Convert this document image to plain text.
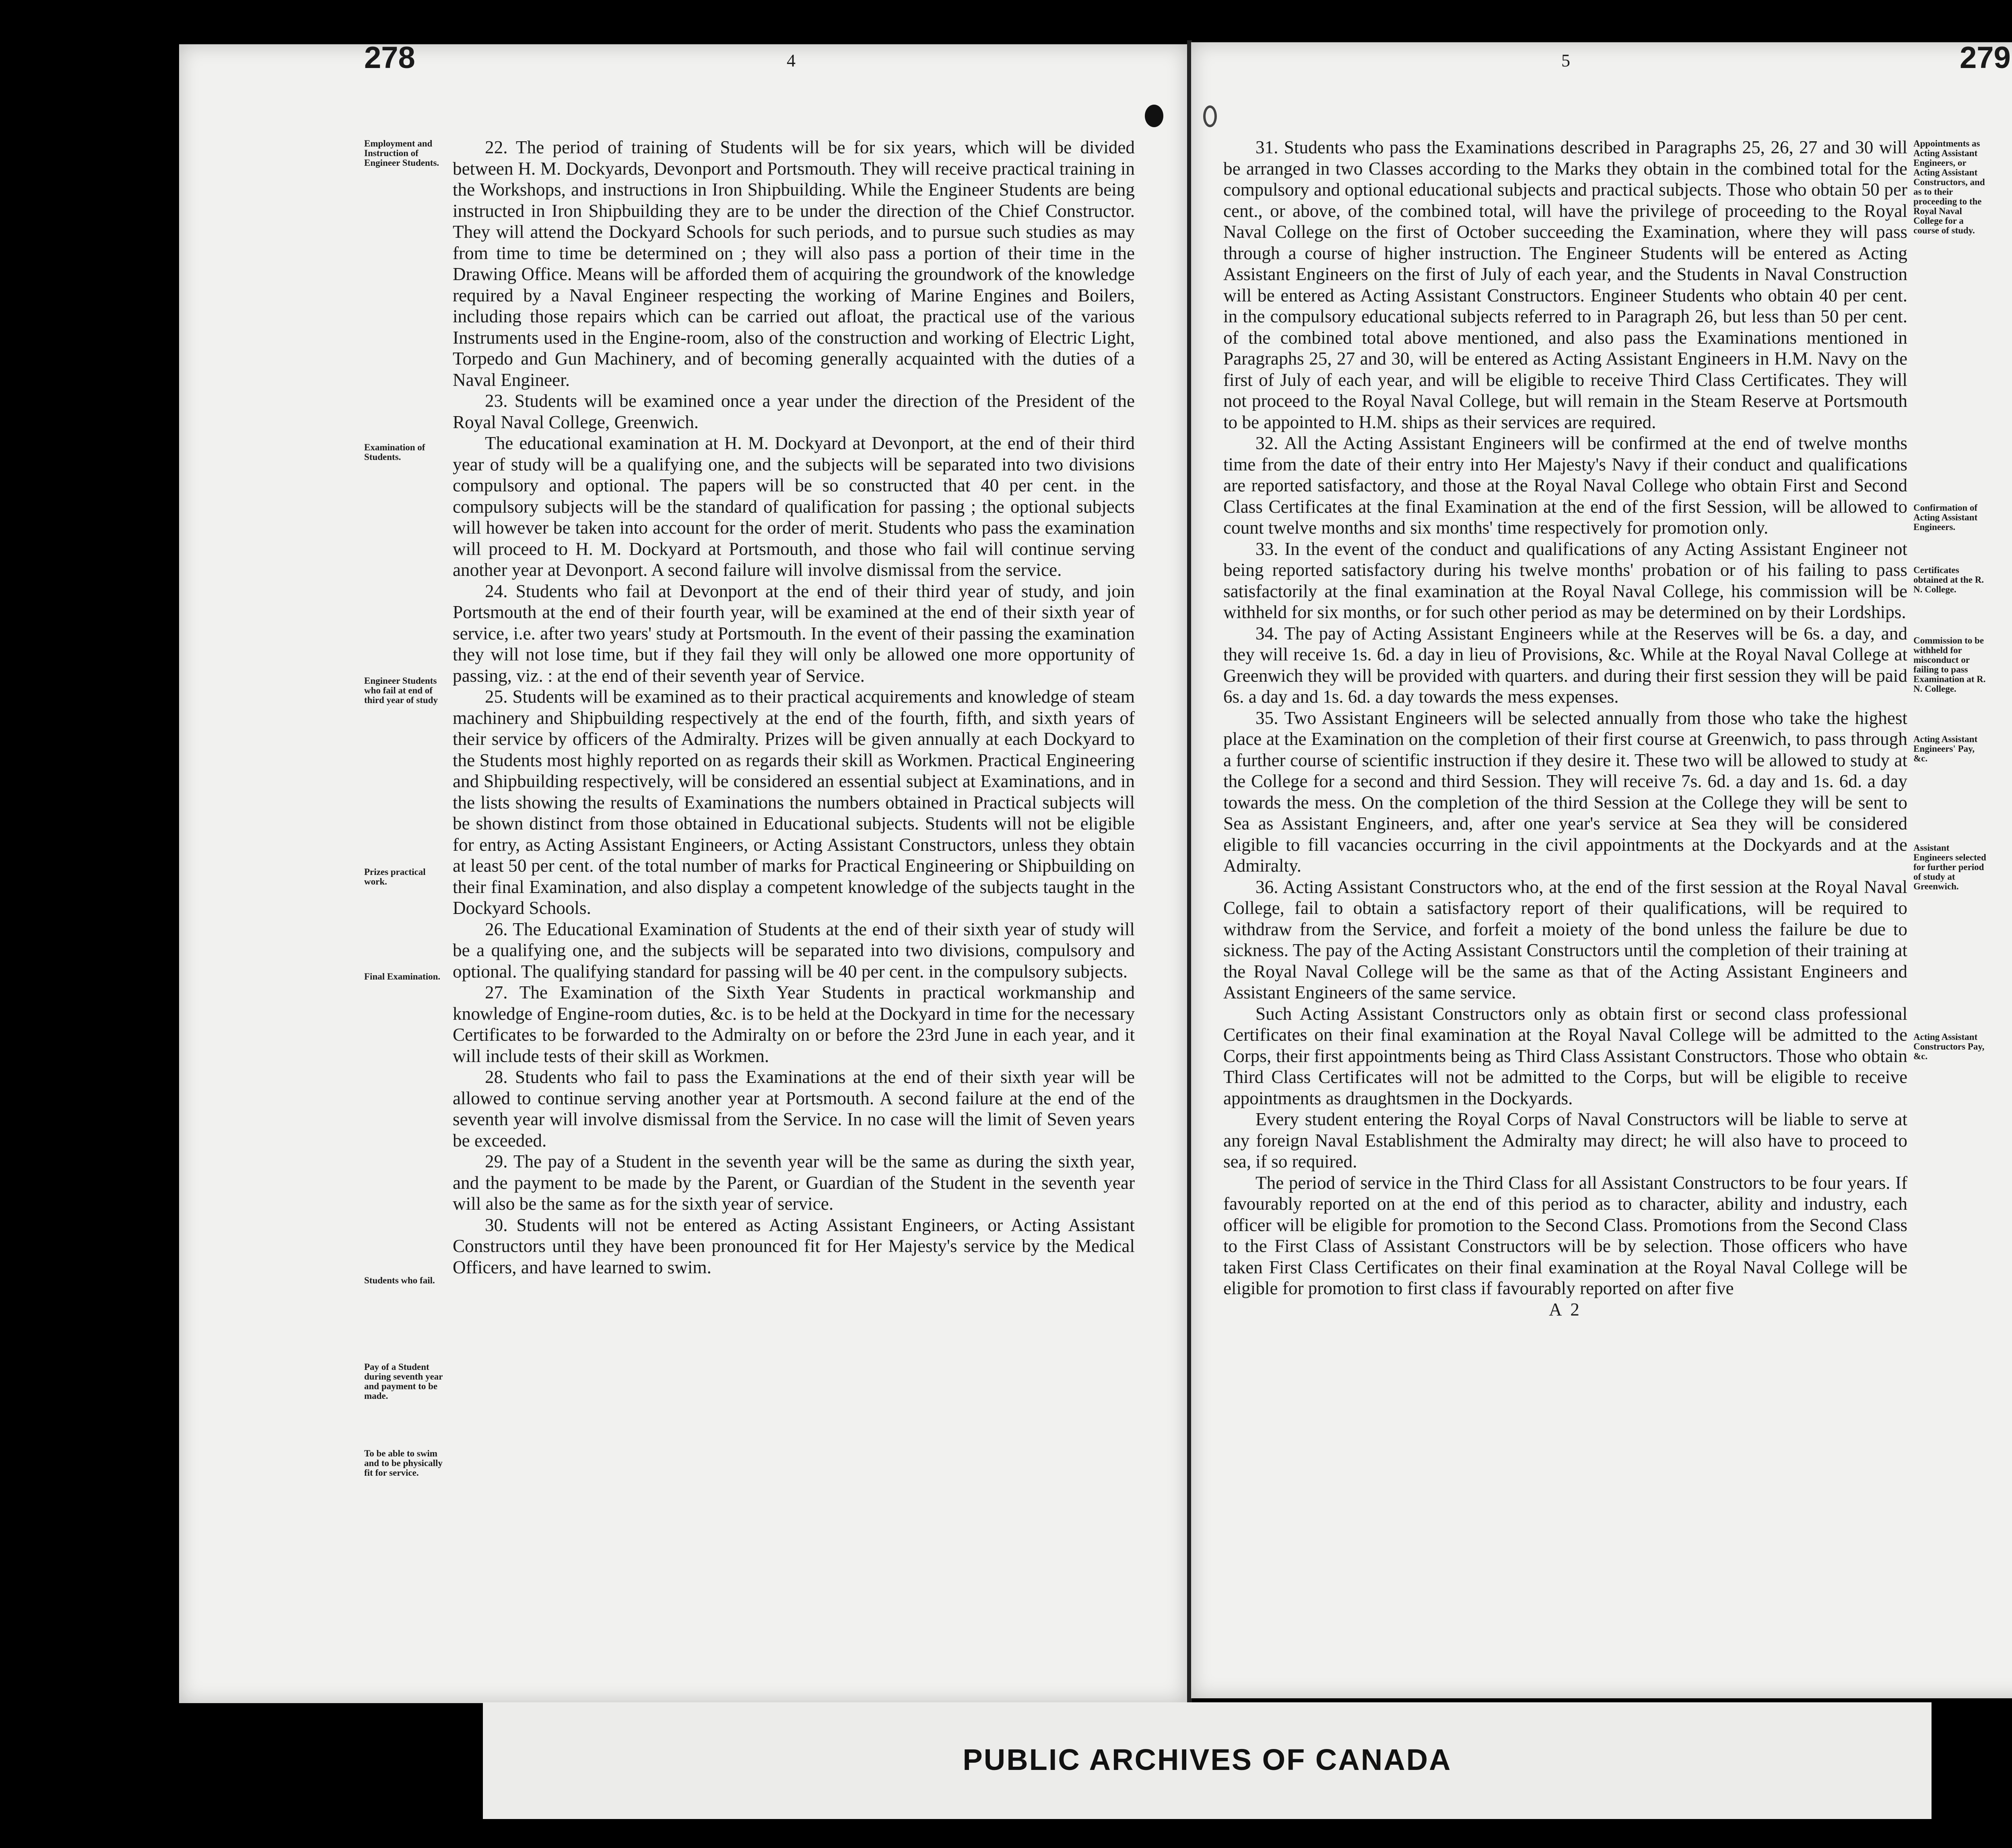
278	4	279
5
Employment and Instruction of Engineer Students.
Examination of Students.
Engineer Students who fail at end of third year of study
Prizes practical work.
Final Examination.
Students who fail.
Pay of a Student during seventh year and payment to be made.
To be able to swim and to be physically fit for service.

22. The period of training of Students will be for six years, which will be divided between H. M. Dockyards, Devonport and Portsmouth. They will receive practical training in the Workshops, and instructions in Iron Shipbuilding. While the Engineer Students are being instructed in Iron Shipbuilding they are to be under the direction of the Chief Constructor. They will attend the Dockyard Schools for such periods, and to pursue such studies as may from time to time be determined on ; they will also pass a portion of their time in the Drawing Office. Means will be afforded them of acquiring the groundwork of the knowledge required by a Naval Engineer respecting the working of Marine Engines and Boilers, including those repairs which can be carried out afloat, the practical use of the various Instruments used in the Engine-room, also of the construction and working of Electric Light, Torpedo and Gun Machinery, and of becoming generally acquainted with the duties of a Naval Engineer.

23. Students will be examined once a year under the direction of the President of the Royal Naval College, Greenwich.

The educational examination at H. M. Dockyard at Devonport, at the end of their third year of study will be a qualifying one, and the subjects will be separated into two divisions compulsory and optional. The papers will be so constructed that 40 per cent. in the compulsory subjects will be the standard of qualification for passing ; the optional subjects will however be taken into account for the order of merit. Students who pass the examination will proceed to H. M. Dockyard at Portsmouth, and those who fail will continue serving another year at Devonport. A second failure will involve dismissal from the service.

24. Students who fail at Devonport at the end of their third year of study, and join Portsmouth at the end of their fourth year, will be examined at the end of their sixth year of service, i.e. after two years' study at Portsmouth. In the event of their passing the examination they will not lose time, but if they fail they will only be allowed one more opportunity of passing, viz. : at the end of their seventh year of Service.

25. Students will be examined as to their practical acquirements and knowledge of steam machinery and Shipbuilding respectively at the end of the fourth, fifth, and sixth years of their service by officers of the Admiralty. Prizes will be given annually at each Dockyard to the Students most highly reported on as regards their skill as Workmen. Practical Engineering and Shipbuilding respectively, will be considered an essential subject at Examinations, and in the lists showing the results of Examinations the numbers obtained in Practical subjects will be shown distinct from those obtained in Educational subjects. Students will not be eligible for entry, as Acting Assistant Engineers, or Acting Assistant Constructors, unless they obtain at least 50 per cent. of the total number of marks for Practical Engineering or Shipbuilding on their final Examination, and also display a competent knowledge of the subjects taught in the Dockyard Schools.

26. The Educational Examination of Students at the end of their sixth year of study will be a qualifying one, and the subjects will be separated into two divisions, compulsory and optional. The qualifying standard for passing will be 40 per cent. in the compulsory subjects.

27. The Examination of the Sixth Year Students in practical workmanship and knowledge of Engine-room duties, &c. is to be held at the Dockyard in time for the necessary Certificates to be forwarded to the Admiralty on or before the 23rd June in each year, and it will include tests of their skill as Workmen.

28. Students who fail to pass the Examinations at the end of their sixth year will be allowed to continue serving another year at Portsmouth. A second failure at the end of the seventh year will involve dismissal from the Service. In no case will the limit of Seven years be exceeded.

29. The pay of a Student in the seventh year will be the same as during the sixth year, and the payment to be made by the Parent, or Guardian of the Student in the seventh year will also be the same as for the sixth year of service.

30. Students will not be entered as Acting Assistant Engineers, or Acting Assistant Constructors until they have been pronounced fit for Her Majesty's service by the Medical Officers, and have learned to swim.

31. Students who pass the Examinations described in Paragraphs 25, 26, 27 and 30 will be arranged in two Classes according to the Marks they obtain in the combined total for the compulsory and optional educational subjects and practical subjects. Those who obtain 50 per cent., or above, of the combined total, will have the privilege of proceeding to the Royal Naval College on the first of October succeeding the Examination, where they will pass through a course of higher instruction. The Engineer Students will be entered as Acting Assistant Engineers on the first of July of each year, and the Students in Naval Construction will be entered as Acting Assistant Constructors. Engineer Students who obtain 40 per cent. in the compulsory educational subjects referred to in Paragraph 26, but less than 50 per cent. of the combined total above mentioned, and also pass the Examinations mentioned in Paragraphs 25, 27 and 30, will be entered as Acting Assistant Engineers in H.M. Navy on the first of July of each year, and will be eligible to receive Third Class Certificates. They will not proceed to the Royal Naval College, but will remain in the Steam Reserve at Portsmouth to be appointed to H.M. ships as their services are required.

32. All the Acting Assistant Engineers will be confirmed at the end of twelve months time from the date of their entry into Her Majesty's Navy if their conduct and qualifications are reported satisfactory, and those at the Royal Naval College who obtain First and Second Class Certificates at the final Examination at the end of the first Session, will be allowed to count twelve months and six months' time respectively for promotion only.

33. In the event of the conduct and qualifications of any Acting Assistant Engineer not being reported satisfactory during his twelve months' probation or of his failing to pass satisfactorily at the final examination at the Royal Naval College, his commission will be withheld for six months, or for such other period as may be determined on by their Lordships.

34. The pay of Acting Assistant Engineers while at the Reserves will be 6s. a day, and they will receive 1s. 6d. a day in lieu of Provisions, &c. While at the Royal Naval College at Greenwich they will be provided with quarters. and during their first session they will be paid 6s. a day and 1s. 6d. a day towards the mess expenses.

35. Two Assistant Engineers will be selected annually from those who take the highest place at the Examination on the completion of their first course at Greenwich, to pass through a further course of scientific instruction if they desire it. These two will be allowed to study at the College for a second and third Session. They will receive 7s. 6d. a day and 1s. 6d. a day towards the mess. On the completion of the third Session at the College they will be sent to Sea as Assistant Engineers, and, after one year's service at Sea they will be considered eligible to fill vacancies occurring in the civil appointments at the Dockyards and at the Admiralty.

36. Acting Assistant Constructors who, at the end of the first session at the Royal Naval College, fail to obtain a satisfactory report of their qualifications, will be required to withdraw from the Service, and forfeit a moiety of the bond unless the failure be due to sickness. The pay of the Acting Assistant Constructors until the completion of their training at the Royal Naval College will be the same as that of the Acting Assistant Engineers and Assistant Engineers of the same service.

Such Acting Assistant Constructors only as obtain first or second class professional Certificates on their final examination at the Royal Naval College will be admitted to the Corps, their first appointments being as Third Class Assistant Constructors. Those who obtain Third Class Certificates will not be admitted to the Corps, but will be eligible to receive appointments as draughtsmen in the Dockyards.

Every student entering the Royal Corps of Naval Constructors will be liable to serve at any foreign Naval Establishment the Admiralty may direct; he will also have to proceed to sea, if so required.

The period of service in the Third Class for all Assistant Constructors to be four years. If favourably reported on at the end of this period as to character, ability and industry, each officer will be eligible for promotion to the Second Class. Promotions from the Second Class to the First Class of Assistant Constructors will be by selection. Those officers who have taken First Class Certificates on their final examination at the Royal Naval College will be eligible for promotion to first class if favourably reported on after five

A 2

Appointments as Acting Assistant Engineers, or Acting Assistant Constructors, and as to their proceeding to the Royal Naval College for a course of study.
Confirmation of Acting Assistant Engineers.
Certificates obtained at the R. N. College.
Commission to be withheld for misconduct or failing to pass Examination at R. N. College.
Acting Assistant Engineers' Pay, &c.
Assistant Engineers selected for further period of study at Greenwich.
Acting Assistant Constructors Pay, &c.
PUBLIC ARCHIVES OF CANADA
